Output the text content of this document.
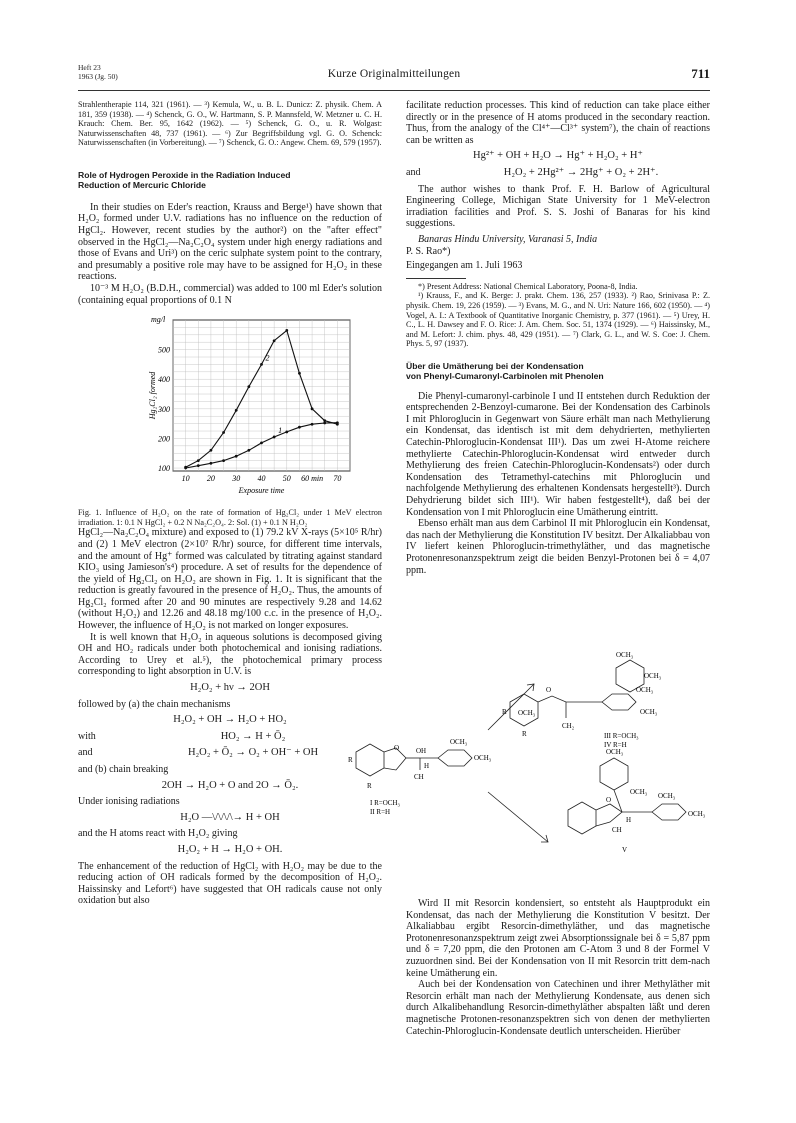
Heft 23
1963 (Jg. 50)	Kurze Originalmitteilungen	711

Strahlentherapie 114, 321 (1961). — ³) Kemula, W., u. B. L. Dunicz: Z. physik. Chem. A 181, 359 (1938). — ⁴) Schenck, G. O., W. Hartmann, S. P. Mannsfeld, W. Metzner u. C. H. Krauch: Chem. Ber. 95, 1642 (1962). — ⁵) Schenck, G. O., u. R. Wolgast: Naturwissenschaften 48, 737 (1961). — ⁶) Zur Begriffsbildung vgl. G. O. Schenck: Naturwissenschaften (in Vorbereitung). — ⁷) Schenck, G. O.: Angew. Chem. 69, 579 (1957).

Role of Hydrogen Peroxide in the Radiation Induced

Reduction of Mercuric Chloride

In their studies on Eder's reaction, Krauss and Berge¹) have shown that H₂O₂ formed under U.V. radiations has no influence on the reduction of HgCl₂. However, recent studies by the author²) on the "after effect" observed in the HgCl₂—Na₂C₂O₄ system under high energy radiations and those of Evans and Uri³) on the ceric sulphate system point to the contrary, and presumably a positive role may have to be assigned for H₂O₂ in these reactions.

10⁻³ M H₂O₂ (B.D.H., commercial) was added to 100 ml Eder's solution (containing equal proportions of 0.1 N

100
200
300
400
500
10 20 30 40 50 60 min 70
mg/l
Hg₂Cl₂ formed
Exposure time
1
2

Fig. 1. Influence of H₂O₂ on the rate of formation of Hg₂Cl₂ under 1 MeV electron irradiation. 1: 0.1 N HgCl₂ + 0.2 N Na₂C₂O₄. 2: Sol. (1) + 0.1 N H₂O₂

HgCl₂—Na₂C₂O₄ mixture) and exposed to (1) 79.2 kV X-rays (5×10⁵ R/hr) and (2) 1 MeV electron (2×10⁷ R/hr) source, for different time intervals, and the amount of Hg⁺ formed was calculated by titrating against standard KIO₃ using Jamieson's⁴) procedure. A set of results for the dependence of the yield of Hg₂Cl₂ on H₂O₂ are shown in Fig. 1. It is significant that the reduction is greatly favoured in the presence of H₂O₂. Thus, the amounts of Hg₂Cl₂ formed after 20 and 90 minutes are respectively 9.28 and 14.62 (without H₂O₂) and 12.26 and 48.18 mg/100 c.c. in the presence of H₂O₂. However, the influence of H₂O₂ is not marked on longer exposures.

It is well known that H₂O₂ in aqueous solutions is decomposed giving OH and HO₂ radicals under both photochemical and ionising radiations. According to Urey et al.⁵), the photochemical primary process corresponding to light absorption in U.V. is

H₂O₂ + hν → 2OH

followed by (a) the chain mechanisms

H₂O₂ + OH → H₂O + HO₂
with	HO₂ → H + Ō₂
and	H₂O₂ + Ō₂ → O₂ + OH⁻ + OH

and (b) chain breaking

2OH → H₂O + O and 2O → Ō₂.

Under ionising radiations

H₂O —\/\/\/\→ H + OH

and the H atoms react with H₂O₂ giving

H₂O₂ + H → H₂O + OH.

The enhancement of the reduction of HgCl₂ with H₂O₂ may be due to the reducing action of OH radicals formed by the decomposition of H₂O₂. Haissinsky and Lefort⁶) have suggested that OH radicals cause not only oxidation but also

facilitate reduction processes. This kind of reduction can take place either directly or in the presence of H atoms produced in the secondary reaction. Thus, from the analogy of the Cl⁴⁺—Cl³⁺ system⁷), the chain of reactions can be written as

Hg²⁺ + OH + H₂O → Hg⁺ + H₂O₂ + H⁺
and	H₂O₂ + 2Hg²⁺ → 2Hg⁺ + O₂ + 2H⁺.

The author wishes to thank Prof. F. H. Barlow of Agricultural Engineering College, Michigan State University for 1 MeV-electron irradiation facilities and Prof. S. S. Joshi of Banaras for his kind suggestions.

Banaras Hindu University, Varanasi 5, India

P. S. Rao*)

Eingegangen am 1. Juli 1963

*) Present Address: National Chemical Laboratory, Poona-8, India.

¹) Krauss, F., and K. Berge: J. prakt. Chem. 136, 257 (1933). ²) Rao, Srinivasa P.: Z. physik. Chem. 19, 226 (1959). — ³) Evans, M. G., and N. Uri: Nature 166, 602 (1950). — ⁴) Vogel, A. I.: A Textbook of Quantitative Inorganic Chemistry, p. 377 (1961). — ⁵) Urey, H. C., L. H. Dawsey and F. O. Rice: J. Am. Chem. Soc. 51, 1374 (1929). — ⁶) Haissinsky, M., and M. Lefort: J. chim. phys. 48, 429 (1951). — ⁷) Clark, G. L., and W. S. Coe: J. Chem. Phys. 5, 97 (1937).

Über die Umätherung bei der Kondensation

von Phenyl-Cumaronyl-Carbinolen mit Phenolen

Die Phenyl-cumaronyl-carbinole I und II entstehen durch Reduktion der entsprechenden 2-Benzoyl-cumarone. Bei der Kondensation des Carbinols I mit Phloroglucin in Gegenwart von Säure erhält man nach Methylierung ein Kondensat, das identisch ist mit dem dehydrierten, methylierten Catechin-Phloroglucin-Kondensat III¹). Das um zwei H-Atome reichere methylierte Catechin-Phloroglucin-Kondensat wird entweder durch Methylierung des freien Catechin-Phloroglucin-Kondensats²) oder durch Kondensation des Tetramethyl-catechins mit Phloroglucin und nachfolgende Methylierung des erhaltenen Kondensats hergestellt³). Durch Dehydrierung bildet sich III¹). Wir haben festgestellt⁴), daß bei der Kondensation von I mit Phloroglucin eine Umätherung eintritt.

Ebenso erhält man aus dem Carbinol II mit Phloroglucin ein Kondensat, das nach der Methylierung die Konstitution IV besitzt. Der Alkaliabbau von IV liefert keinen Phloroglucin-trimethyläther, und das magnetische Protonenresonanzspektrum zeigt die beiden Benzyl-Protonen bei δ = 4,07 ppm.

R
R
O OH
H
CH
OCH₃
OCH₃
I R=OCH₃
II R=H
OCH₃
OCH₃
O
OCH₃
R
OCH₃
OCH₃
CH₂
R	III R=OCH₃
IV R=H
OCH₃
OCH₃ OCH₃
OCH₃
O
H
CH
V

Wird II mit Resorcin kondensiert, so entsteht als Hauptprodukt ein Kondensat, das nach der Methylierung die Konstitution V besitzt. Der Alkaliabbau ergibt Resorcin-dimethyläther, und das magnetische Protonenresonanzspektrum zeigt zwei Absorptionssignale bei δ = 5,87 ppm und δ = 7,20 ppm, die den Protonen am C-Atom 3 und 8 der Formel V zuzuordnen sind. Bei der Kondensation von II mit Resorcin tritt dem-nach keine Umätherung ein.

Auch bei der Kondensation von Catechinen und ihrer Methyläther mit Resorcin erhält man nach der Methylierung Kondensate, aus denen sich durch Alkalibehandlung Resorcin-dimethyläther abspalten läßt und deren magnetische Protonen-resonanzspektren sich von denen der methylierten Catechin-Phloroglucin-Kondensate deutlich unterscheiden. Hierüber
